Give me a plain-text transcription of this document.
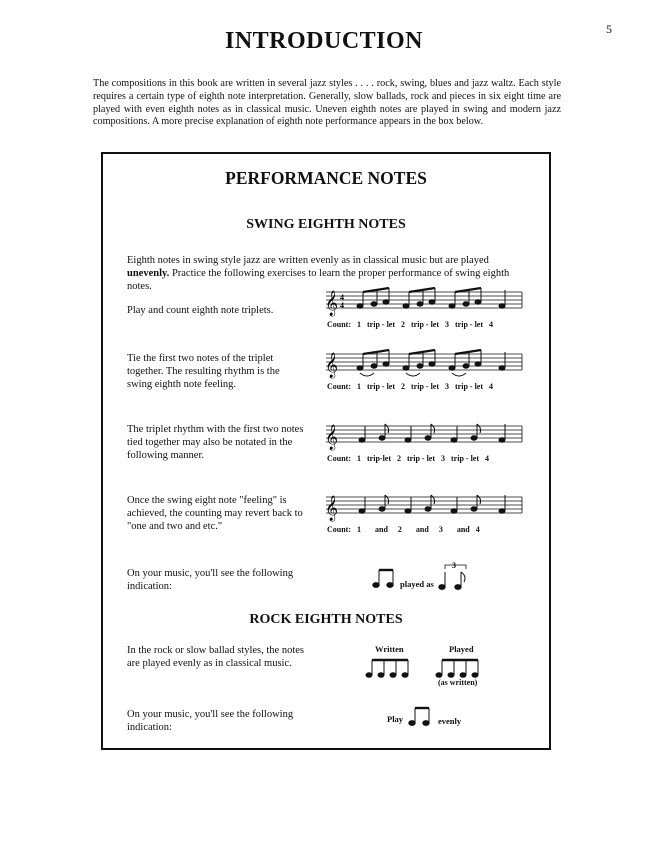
5
INTRODUCTION
The compositions in this book are written in several jazz styles . . . . rock, swing, blues and jazz waltz. Each style requires a certain type of eighth note interpretation. Generally, slow ballads, rock and pieces in six eight time are played with even eighth notes as in classical music. Uneven eighth notes are played in swing and modern jazz compositions. A more precise explanation of eighth note performance appears in the box below.
PERFORMANCE NOTES
SWING EIGHTH NOTES
Eighth notes in swing style jazz are written evenly as in classical music but are played unevenly. Practice the following exercises to learn the proper performance of swing eighth notes.
Play and count eighth note triplets.
Tie the first two notes of the triplet together. The resulting rhythm is the swing eighth note feeling.
The triplet rhythm with the first two notes tied together may also be notated in the following manner.
Once the swing eight note "feeling" is achieved, the counting may revert back to "one and two and etc."
On your music, you'll see the following indication:
𝄞 4
4
Count: 1 trip - let 2 trip - let 3 trip - let 4
𝄞
Count: 1 trip - let 2 trip - let 3 trip - let 4
𝄞
Count: 1 trip-let 2 trip - let 3 trip - let 4
𝄞
Count: 1 and 2 and 3 and 4
played as
3
ROCK EIGHTH NOTES
In the rock or slow ballad styles, the notes are played evenly as in classical music.
On your music, you'll see the following indication:
Written	Played
(as written)
Play	evenly
